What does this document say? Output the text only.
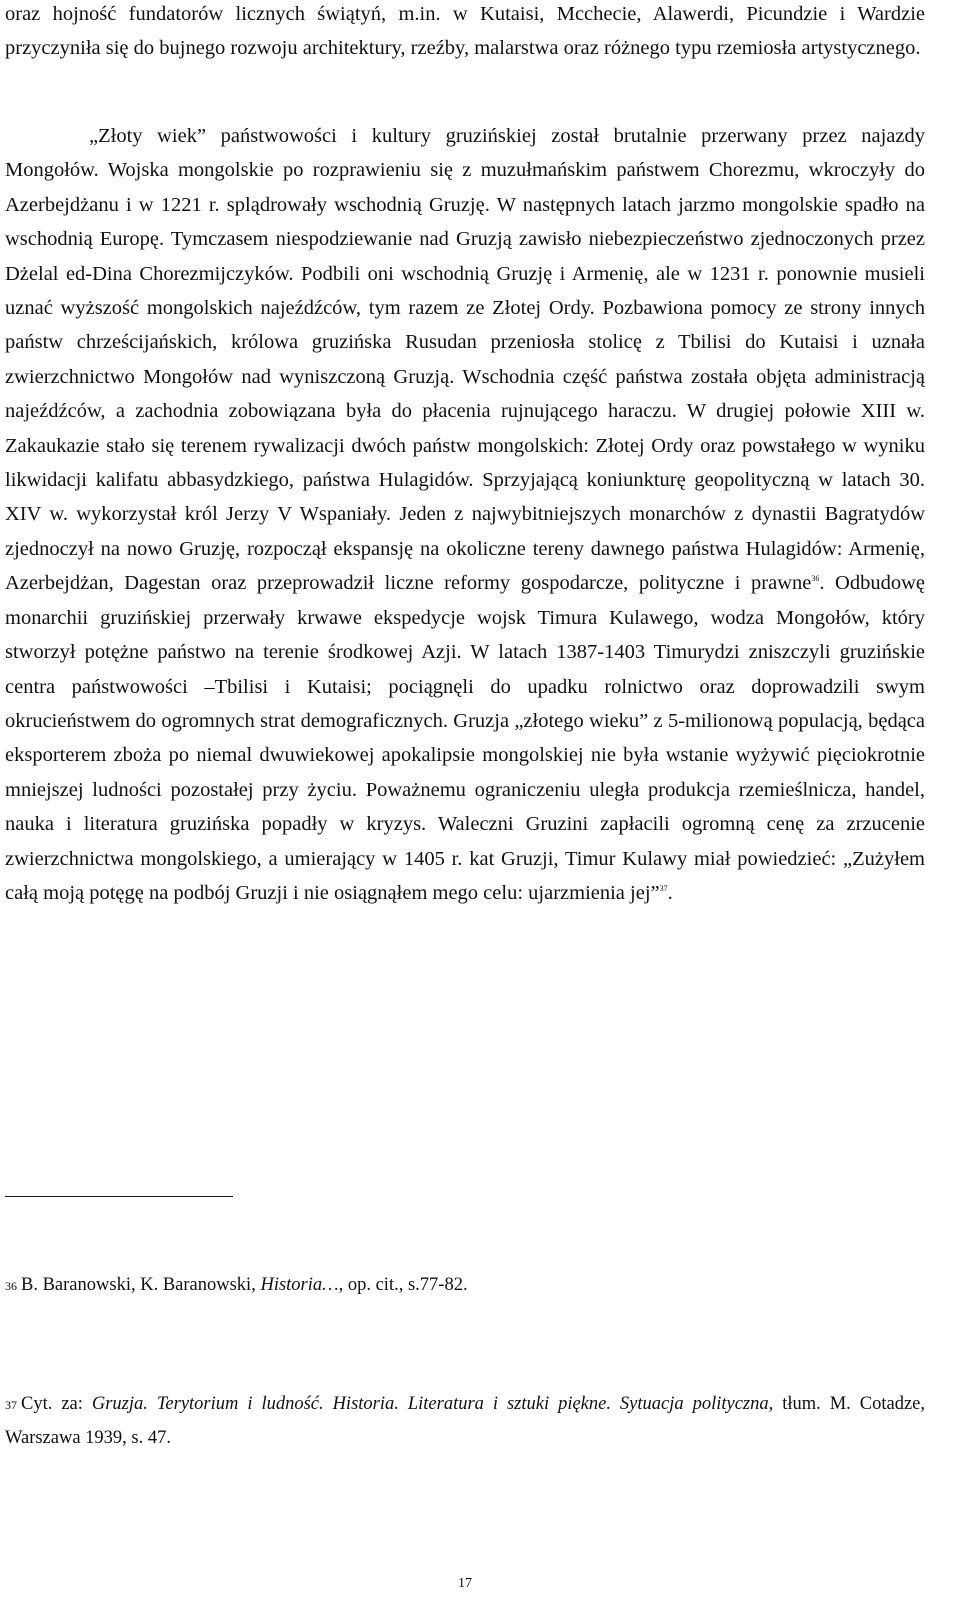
oraz hojność fundatorów licznych świątyń, m.in. w Kutaisi, Mcchecie, Alawerdi, Picundzie i Wardzie przyczyniła się do bujnego rozwoju architektury, rzeźby, malarstwa oraz różnego typu rzemiosła artystycznego.

„Złoty wiek” państwowości i kultury gruzińskiej został brutalnie przerwany przez najazdy Mongołów. Wojska mongolskie po rozprawieniu się z muzułmańskim państwem Chorezmu, wkroczyły do Azerbejdżanu i w 1221 r. splądrowały wschodnią Gruzję. W następnych latach jarzmo mongolskie spadło na wschodnią Europę. Tymczasem niespodziewanie nad Gruzją zawisło niebezpieczeństwo zjednoczonych przez Dżelal ed-Dina Chorezmijczyków. Podbili oni wschodnią Gruzję i Armenię, ale w 1231 r. ponownie musieli uznać wyższość mongolskich najeźdźców, tym razem ze Złotej Ordy. Pozbawiona pomocy ze strony innych państw chrześcijańskich, królowa gruzińska Rusudan przeniosła stolicę z Tbilisi do Kutaisi i uznała zwierzchnictwo Mongołów nad wyniszczoną Gruzją. Wschodnia część państwa została objęta administracją najeźdźców, a zachodnia zobowiązana była do płacenia rujnującego haraczu. W drugiej połowie XIII w. Zakaukazie stało się terenem rywalizacji dwóch państw mongolskich: Złotej Ordy oraz powstałego w wyniku likwidacji kalifatu abbasydzkiego, państwa Hulagidów. Sprzyjającą koniunkturę geopolityczną w latach 30. XIV w. wykorzystał król Jerzy V Wspaniały. Jeden z najwybitniejszych monarchów z dynastii Bagratydów zjednoczył na nowo Gruzję, rozpoczął ekspansję na okoliczne tereny dawnego państwa Hulagidów: Armenię, Azerbejdżan, Dagestan oraz przeprowadził liczne reformy gospodarcze, polityczne i prawne$^{36}$. Odbudowę monarchii gruzińskiej przerwały krwawe ekspedycje wojsk Timura Kulawego, wodza Mongołów, który stworzył potężne państwo na terenie środkowej Azji. W latach 1387-1403 Timurydzi zniszczyli gruzińskie centra państwowości –Tbilisi i Kutaisi; pociągnęli do upadku rolnictwo oraz doprowadzili swym okrucieństwem do ogromnych strat demograficznych. Gruzja „złotego wieku” z 5-milionową populacją, będąca eksporterem zboża po niemal dwuwiekowej apokalipsie mongolskiej nie była wstanie wyżywić pięciokrotnie mniejszej ludności pozostałej przy życiu. Poważnemu ograniczeniu uległa produkcja rzemieślnicza, handel, nauka i literatura gruzińska popadły w kryzys. Waleczni Gruzini zapłacili ogromną cenę za zrzucenie zwierzchnictwa mongolskiego, a umierający w 1405 r. kat Gruzji, Timur Kulawy miał powiedzieć: „Zużyłem całą moją potęgę na podbój Gruzji i nie osiągnąłem mego celu: ujarzmienia jej”$^{37}$.

36 B. Baranowski, K. Baranowski, Historia…, op. cit., s.77-82.

37 Cyt. za: Gruzja. Terytorium i ludność. Historia. Literatura i sztuki piękne. Sytuacja polityczna, tłum. M. Cotadze, Warszawa 1939, s. 47.

17
